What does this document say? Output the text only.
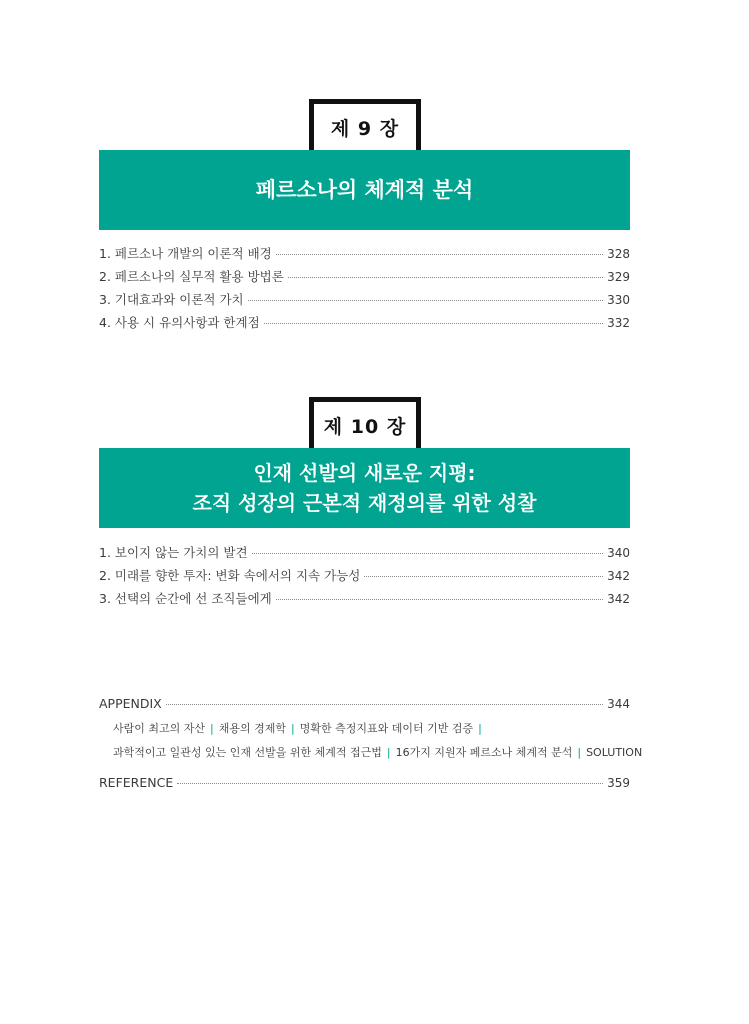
제 9 장
페르소나의 체계적 분석
1. 페르소나 개발의 이론적 배경	328
2. 페르소나의 실무적 활용 방법론	329
3. 기대효과와 이론적 가치	330
4. 사용 시 유의사항과 한계점	332
제 10 장
인재 선발의 새로운 지평:
조직 성장의 근본적 재정의를 위한 성찰
1. 보이지 않는 가치의 발견	340
2. 미래를 향한 투자: 변화 속에서의 지속 가능성	342
3. 선택의 순간에 선 조직들에게	342
APPENDIX	344
사람이 최고의 자산 | 채용의 경제학 | 명확한 측정지표와 데이터 기반 검증 |
과학적이고 일관성 있는 인재 선발을 위한 체계적 접근법 | 16가지 지원자 페르소나 체계적 분석 | SOLUTION
REFERENCE	359
